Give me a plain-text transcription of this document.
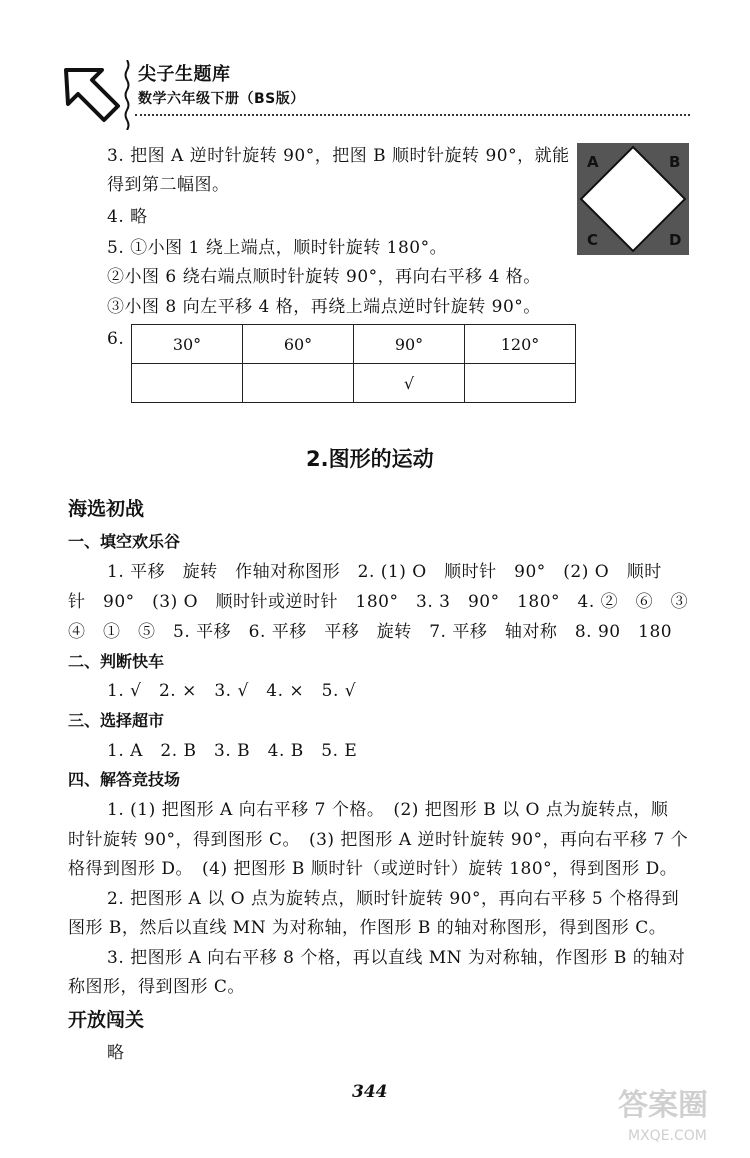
尖子生题库
数学六年级下册（BS版）
A	B
C	D
3. 把图 A 逆时针旋转 90°，把图 B 顺时针旋转 90°，就能
得到第二幅图。
4. 略
5. ①小图 1 绕上端点，顺时针旋转 180°。
②小图 6 绕右端点顺时针旋转 90°，再向右平移 4 格。
③小图 8 向左平移 4 格，再绕上端点逆时针旋转 90°。
6.	30°	60°	90°	120°
		√	
2.图形的运动
海选初战
一、填空欢乐谷
1. 平移　旋转　作轴对称图形　2. (1) O　顺时针　90°　(2) O　顺时
针　90°　(3) O　顺时针或逆时针　180°　3. 3　90°　180°　4. ②　⑥　③
④　①　⑤　5. 平移　6. 平移　平移　旋转　7. 平移　轴对称　8. 90　180
二、判断快车
1. √　2. ×　3. √　4. ×　5. √
三、选择超市
1. A　2. B　3. B　4. B　5. E
四、解答竞技场
1. (1) 把图形 A 向右平移 7 个格。　(2) 把图形 B 以 O 点为旋转点，顺
时针旋转 90°，得到图形 C。　(3) 把图形 A 逆时针旋转 90°，再向右平移 7 个
格得到图形 D。　(4) 把图形 B 顺时针（或逆时针）旋转 180°，得到图形 D。
2. 把图形 A 以 O 点为旋转点，顺时针旋转 90°，再向右平移 5 个格得到
图形 B，然后以直线 MN 为对称轴，作图形 B 的轴对称图形，得到图形 C。
3. 把图形 A 向右平移 8 个格，再以直线 MN 为对称轴，作图形 B 的轴对
称图形，得到图形 C。
开放闯关
略
344	答案圈
MXQE.COM
